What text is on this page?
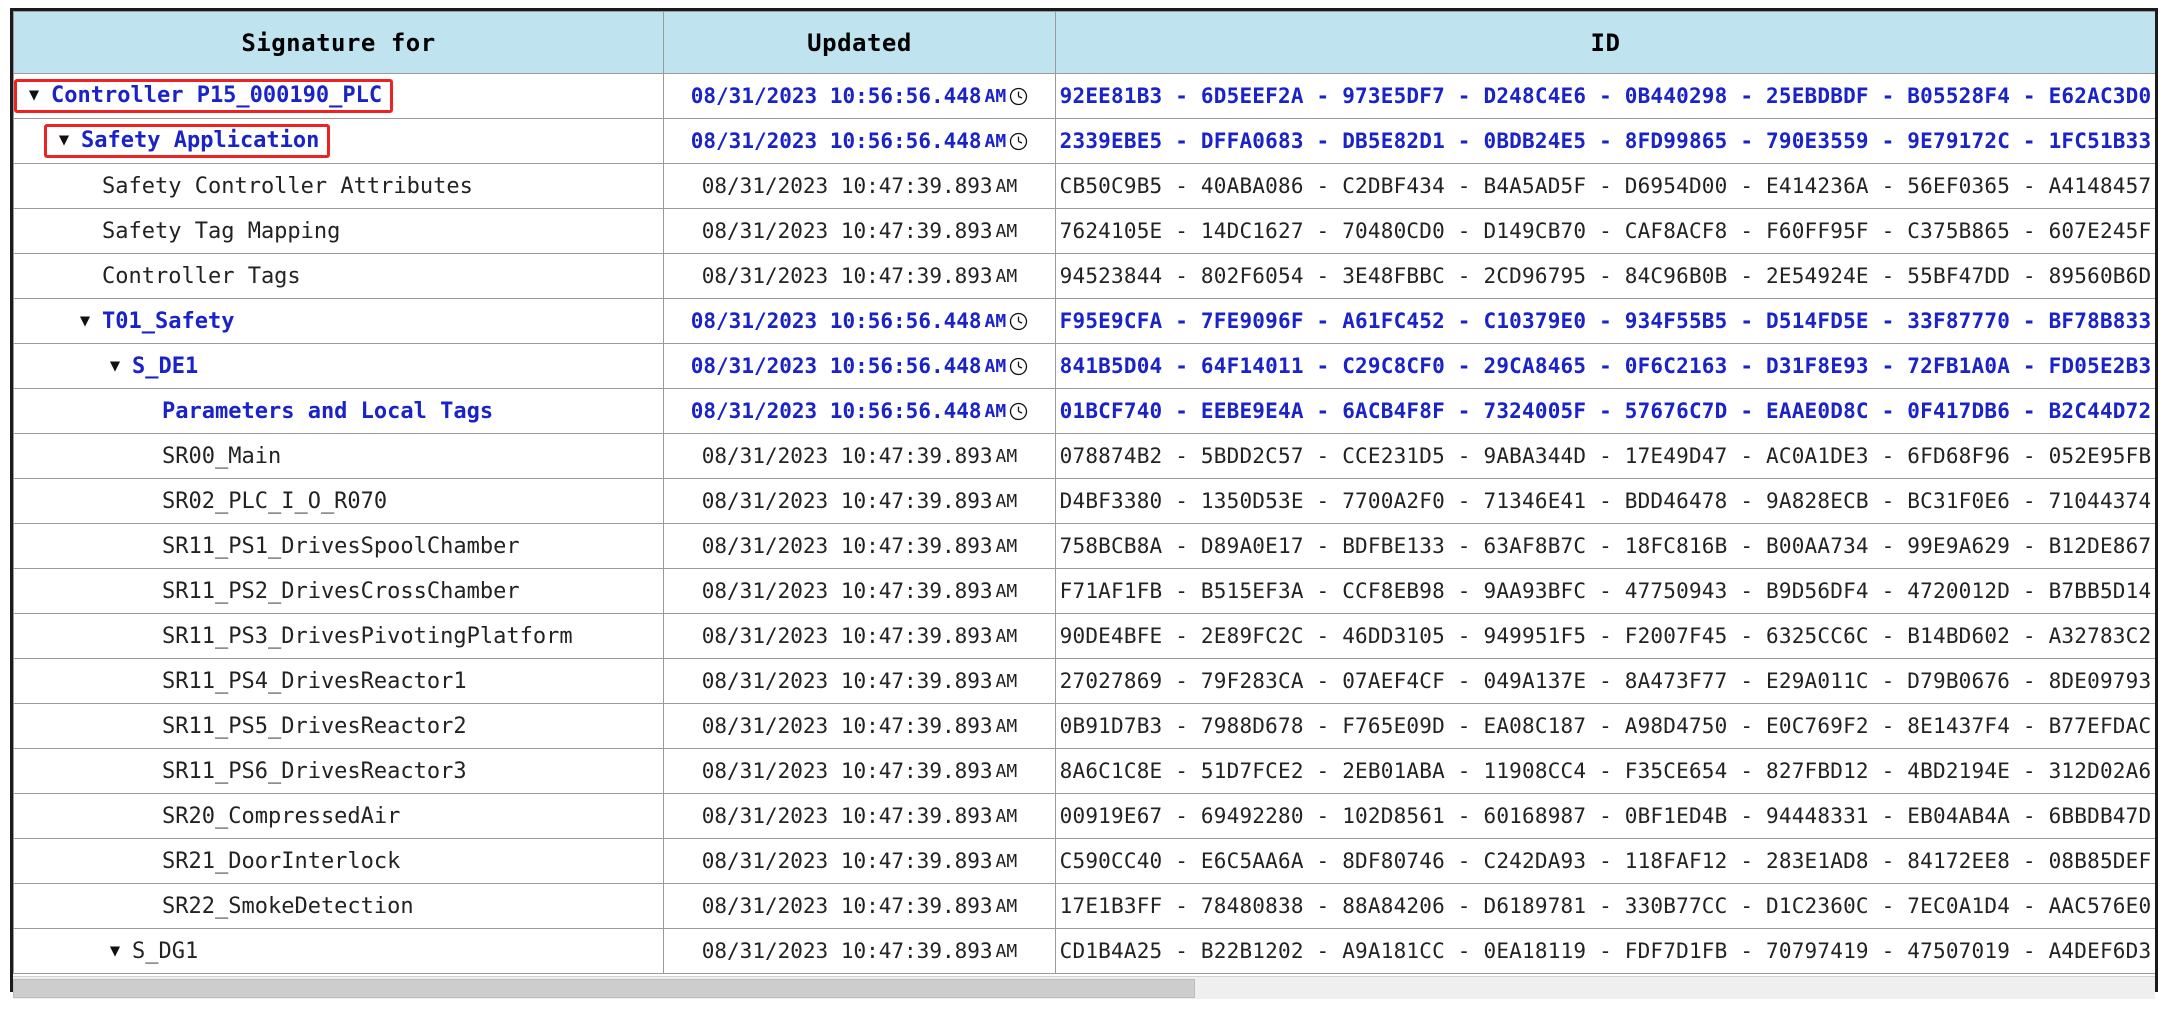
Signature for	Updated	ID

▼ Controller P15_000190_PLC	08/31/2023 10:56:56.448 AM	92EE81B3 - 6D5EEF2A - 973E5DF7 - D248C4E6 - 0B440298 - 25EBDBDF - B05528F4 - E62AC3D0

▼ Safety Application	08/31/2023 10:56:56.448 AM	2339EBE5 - DFFA0683 - DB5E82D1 - 0BDB24E5 - 8FD99865 - 790E3559 - 9E79172C - 1FC51B33

Safety Controller Attributes	08/31/2023 10:47:39.893 AM	CB50C9B5 - 40ABA086 - C2DBF434 - B4A5AD5F - D6954D00 - E414236A - 56EF0365 - A4148457

Safety Tag Mapping	08/31/2023 10:47:39.893 AM	7624105E - 14DC1627 - 70480CD0 - D149CB70 - CAF8ACF8 - F60FF95F - C375B865 - 607E245F

Controller Tags	08/31/2023 10:47:39.893 AM	94523844 - 802F6054 - 3E48FBBC - 2CD96795 - 84C96B0B - 2E54924E - 55BF47DD - 89560B6D

▼ T01_Safety	08/31/2023 10:56:56.448 AM	F95E9CFA - 7FE9096F - A61FC452 - C10379E0 - 934F55B5 - D514FD5E - 33F87770 - BF78B833

▼ S_DE1	08/31/2023 10:56:56.448 AM	841B5D04 - 64F14011 - C29C8CF0 - 29CA8465 - 0F6C2163 - D31F8E93 - 72FB1A0A - FD05E2B3

Parameters and Local Tags	08/31/2023 10:56:56.448 AM	01BCF740 - EEBE9E4A - 6ACB4F8F - 7324005F - 57676C7D - EAAE0D8C - 0F417DB6 - B2C44D72

SR00_Main	08/31/2023 10:47:39.893 AM	078874B2 - 5BDD2C57 - CCE231D5 - 9ABA344D - 17E49D47 - AC0A1DE3 - 6FD68F96 - 052E95FB

SR02_PLC_I_O_R070	08/31/2023 10:47:39.893 AM	D4BF3380 - 1350D53E - 7700A2F0 - 71346E41 - BDD46478 - 9A828ECB - BC31F0E6 - 71044374

SR11_PS1_DrivesSpoolChamber	08/31/2023 10:47:39.893 AM	758BCB8A - D89A0E17 - BDFBE133 - 63AF8B7C - 18FC816B - B00AA734 - 99E9A629 - B12DE867

SR11_PS2_DrivesCrossChamber	08/31/2023 10:47:39.893 AM	F71AF1FB - B515EF3A - CCF8EB98 - 9AA93BFC - 47750943 - B9D56DF4 - 4720012D - B7BB5D14

SR11_PS3_DrivesPivotingPlatform	08/31/2023 10:47:39.893 AM	90DE4BFE - 2E89FC2C - 46DD3105 - 949951F5 - F2007F45 - 6325CC6C - B14BD602 - A32783C2

SR11_PS4_DrivesReactor1	08/31/2023 10:47:39.893 AM	27027869 - 79F283CA - 07AEF4CF - 049A137E - 8A473F77 - E29A011C - D79B0676 - 8DE09793

SR11_PS5_DrivesReactor2	08/31/2023 10:47:39.893 AM	0B91D7B3 - 7988D678 - F765E09D - EA08C187 - A98D4750 - E0C769F2 - 8E1437F4 - B77EFDAC

SR11_PS6_DrivesReactor3	08/31/2023 10:47:39.893 AM	8A6C1C8E - 51D7FCE2 - 2EB01ABA - 11908CC4 - F35CE654 - 827FBD12 - 4BD2194E - 312D02A6

SR20_CompressedAir	08/31/2023 10:47:39.893 AM	00919E67 - 69492280 - 102D8561 - 60168987 - 0BF1ED4B - 94448331 - EB04AB4A - 6BBDB47D

SR21_DoorInterlock	08/31/2023 10:47:39.893 AM	C590CC40 - E6C5AA6A - 8DF80746 - C242DA93 - 118FAF12 - 283E1AD8 - 84172EE8 - 08B85DEF

SR22_SmokeDetection	08/31/2023 10:47:39.893 AM	17E1B3FF - 78480838 - 88A84206 - D6189781 - 330B77CC - D1C2360C - 7EC0A1D4 - AAC576E0

▼ S_DG1	08/31/2023 10:47:39.893 AM	CD1B4A25 - B22B1202 - A9A181CC - 0EA18119 - FDF7D1FB - 70797419 - 47507019 - A4DEF6D3
